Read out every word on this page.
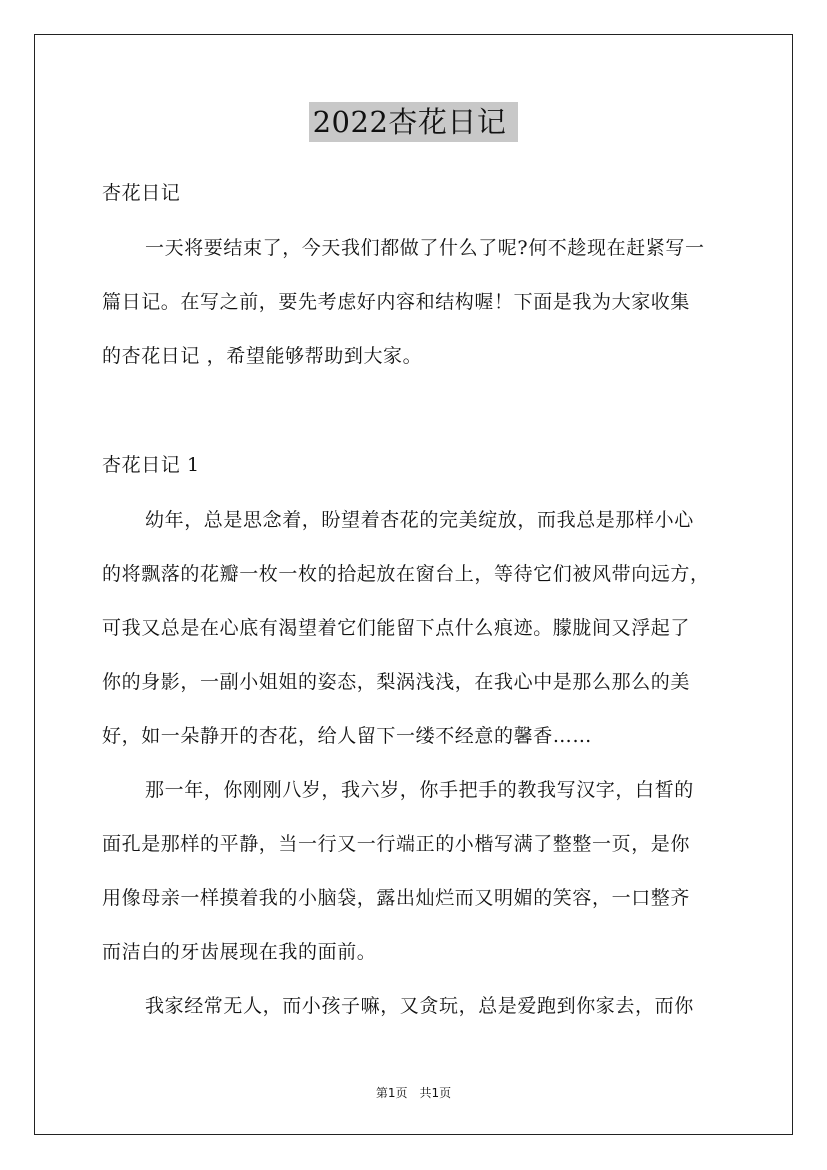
2022杏花日记
杏花日记
一天将要结束了，今天我们都做了什么了呢?何不趁现在赶紧写一
篇日记。在写之前，要先考虑好内容和结构喔！下面是我为大家收集
的杏花日记 ，希望能够帮助到大家。
杏花日记 1
幼年，总是思念着，盼望着杏花的完美绽放，而我总是那样小心
的将飘落的花瓣一枚一枚的拾起放在窗台上，等待它们被风带向远方，
可我又总是在心底有渴望着它们能留下点什么痕迹。朦胧间又浮起了
你的身影，一副小姐姐的姿态，梨涡浅浅，在我心中是那么那么的美
好，如一朵静开的杏花，给人留下一缕不经意的馨香……
那一年，你刚刚八岁，我六岁，你手把手的教我写汉字，白皙的
面孔是那样的平静，当一行又一行端正的小楷写满了整整一页，是你
用像母亲一样摸着我的小脑袋，露出灿烂而又明媚的笑容，一口整齐
而洁白的牙齿展现在我的面前。
我家经常无人，而小孩子嘛，又贪玩，总是爱跑到你家去，而你
第1页　共1页
